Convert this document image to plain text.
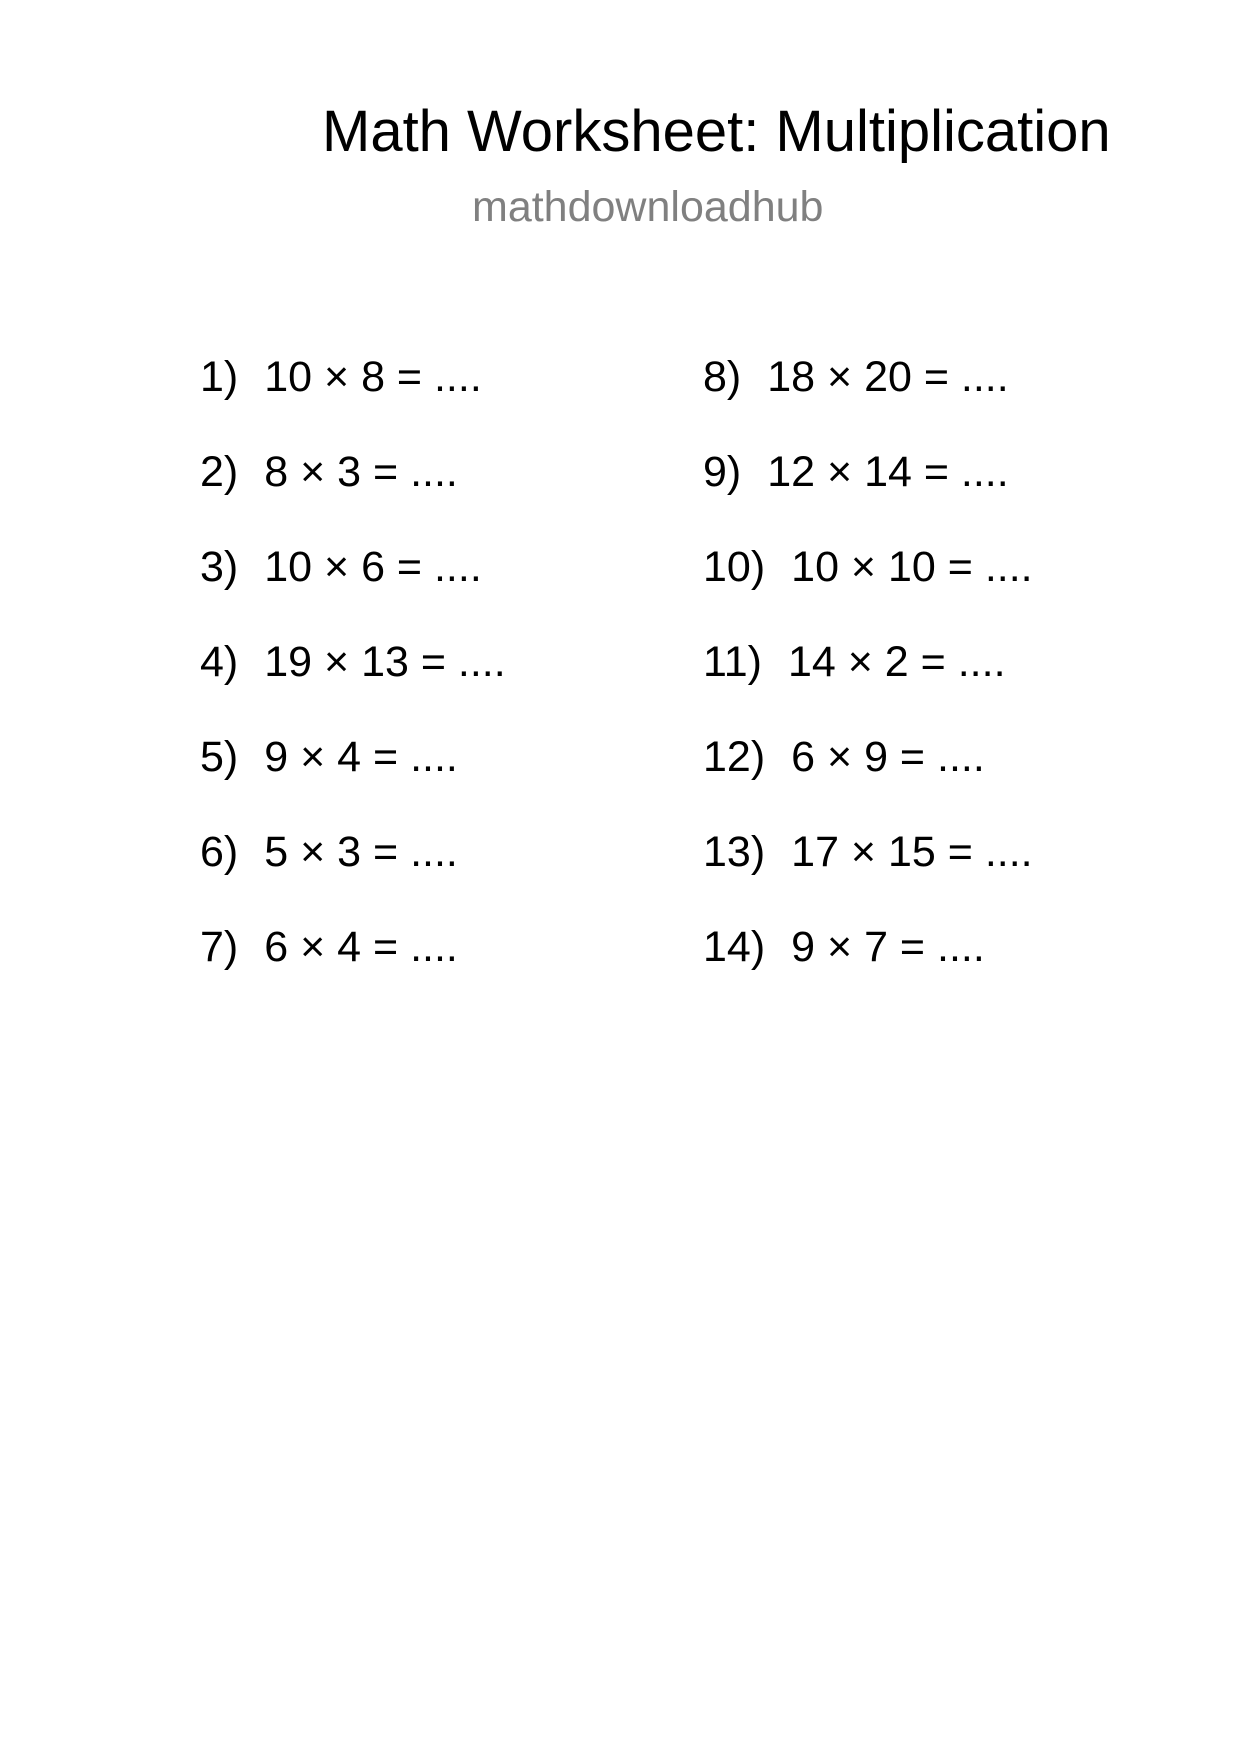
Math Worksheet: Multiplication
mathdownloadhub
1) 10 × 8 = ....
2) 8 × 3 = ....
3) 10 × 6 = ....
4) 19 × 13 = ....
5) 9 × 4 = ....
6) 5 × 3 = ....
7) 6 × 4 = ....
8) 18 × 20 = ....
9) 12 × 14 = ....
10) 10 × 10 = ....
11) 14 × 2 = ....
12) 6 × 9 = ....
13) 17 × 15 = ....
14) 9 × 7 = ....
